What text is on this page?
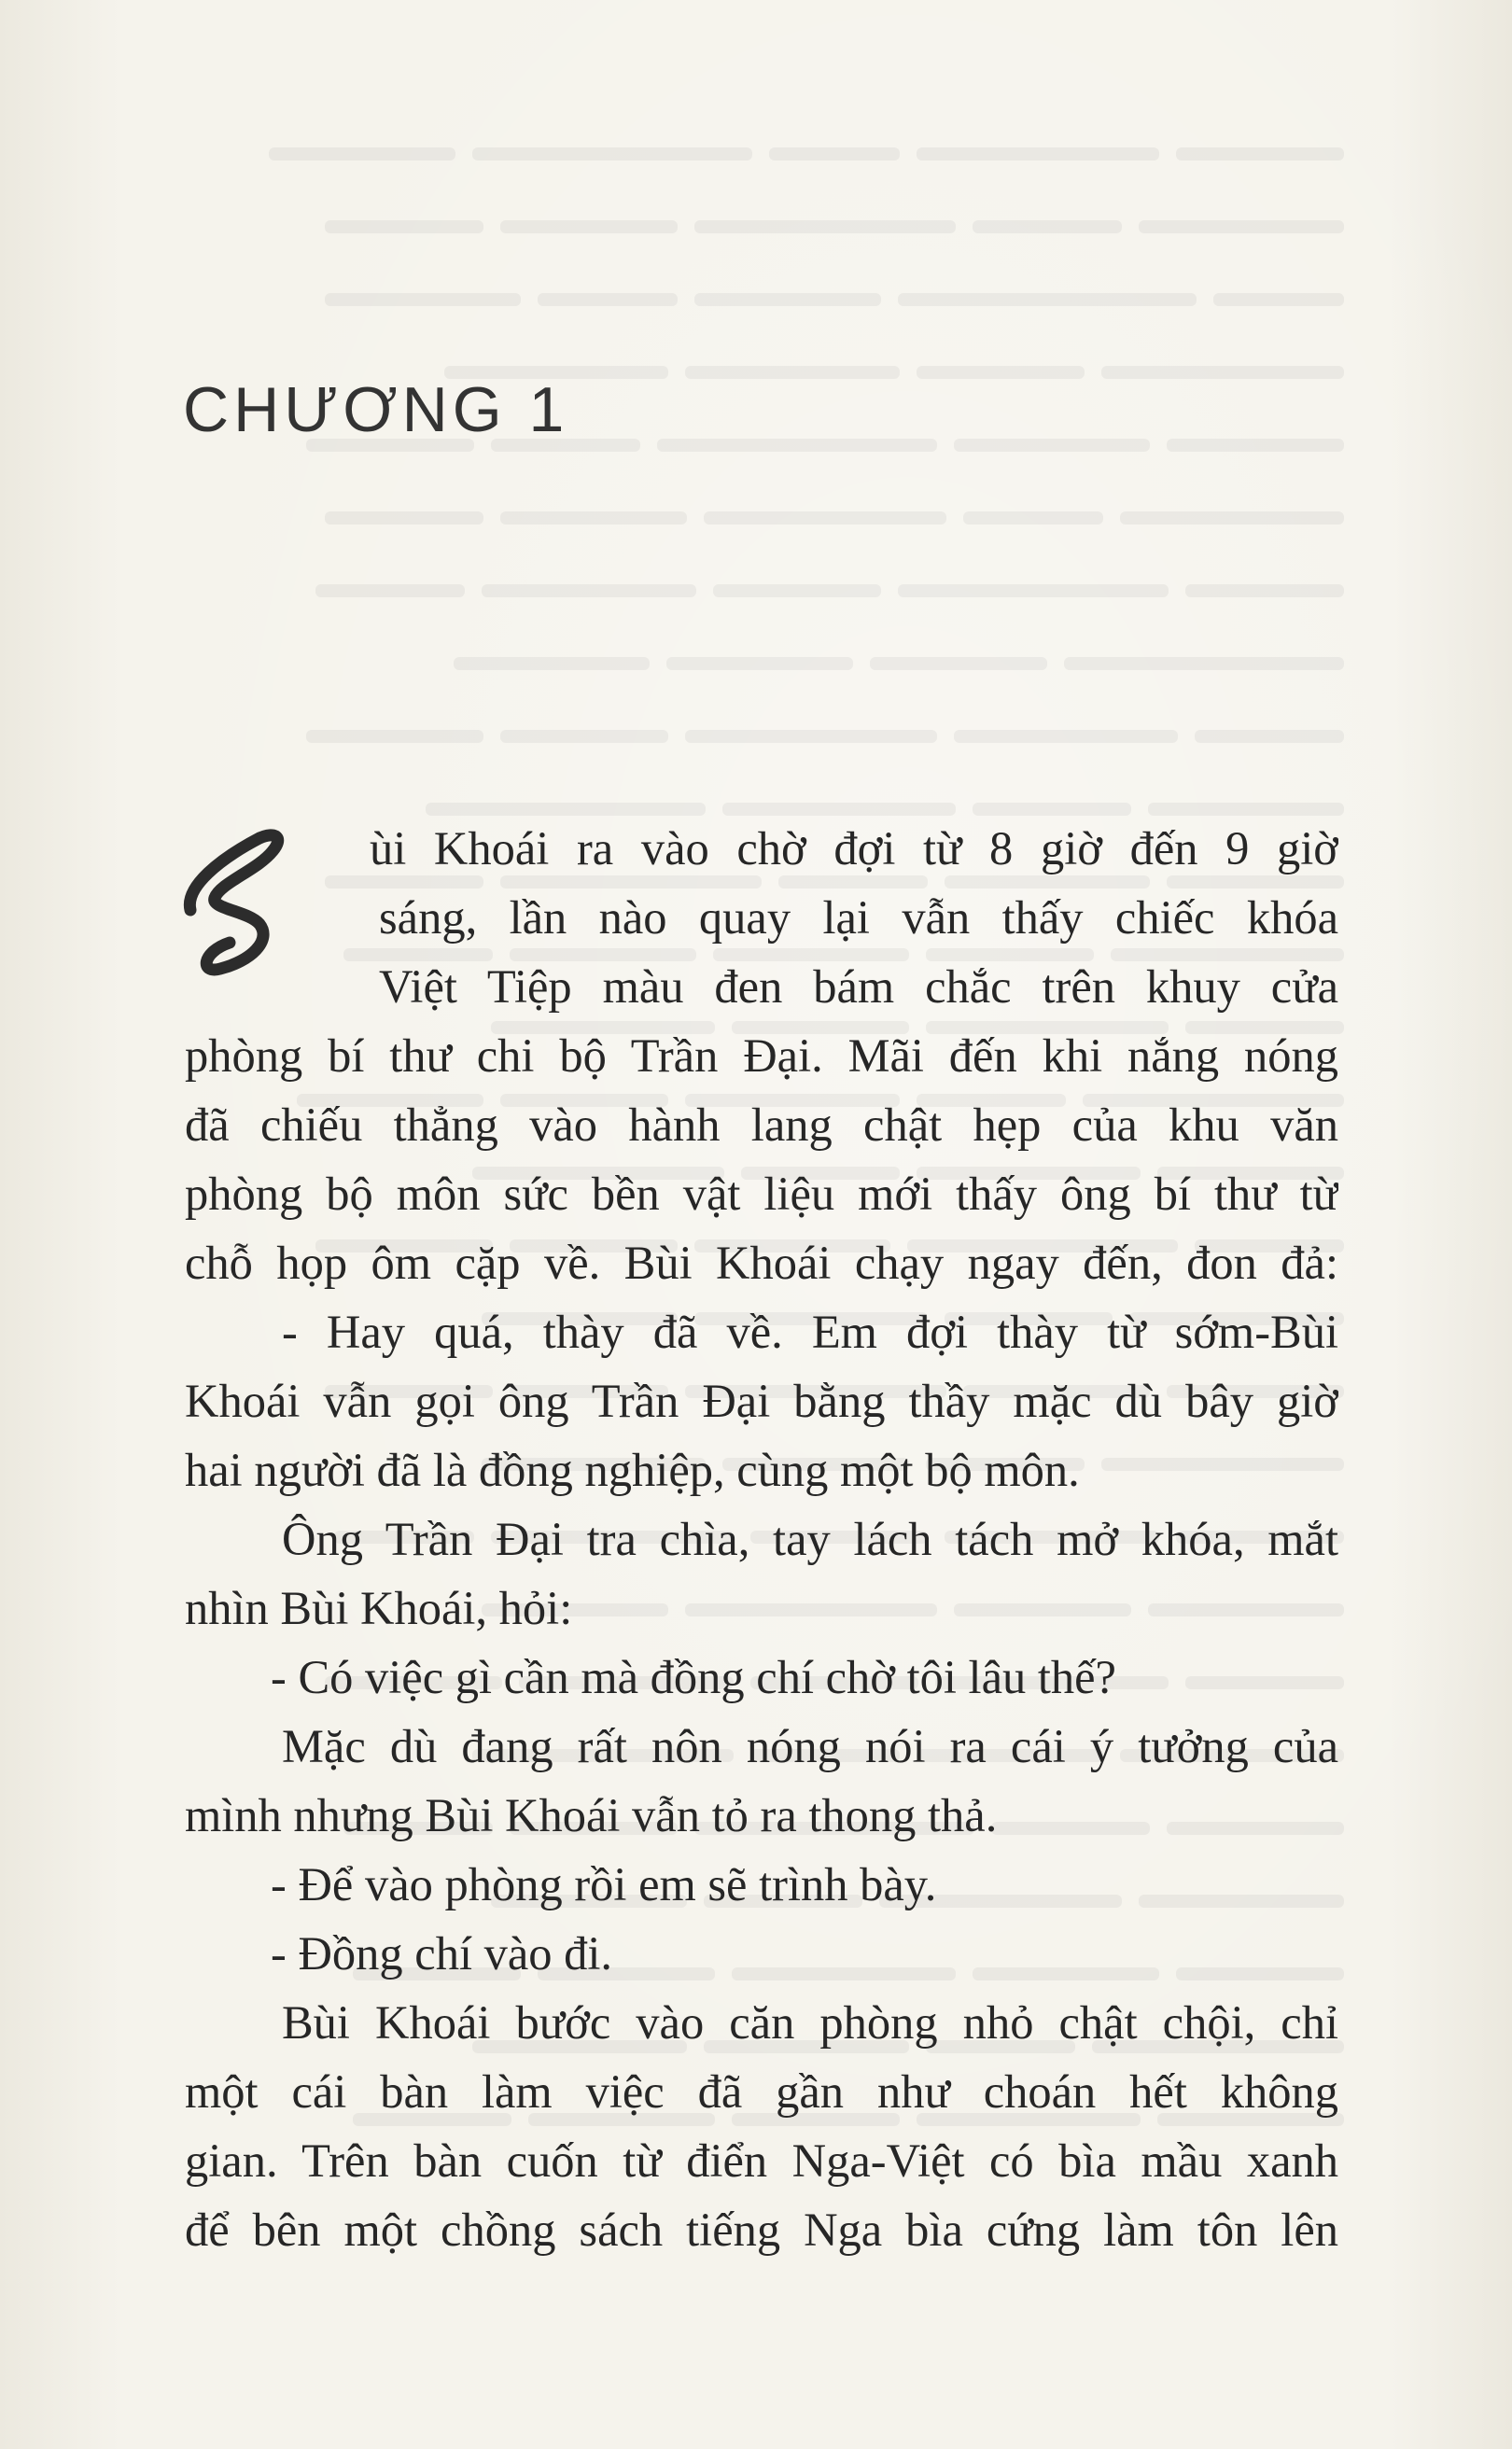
CHƯƠNG 1
ùi Khoái ra vào chờ đợi từ 8 giờ đến 9 giờ
sáng, lần nào quay lại vẫn thấy chiếc khóa
Việt Tiệp màu đen bám chắc trên khuy cửa
phòng bí thư chi bộ Trần Đại. Mãi đến khi nắng nóng
đã chiếu thẳng vào hành lang chật hẹp của khu văn
phòng bộ môn sức bền vật liệu mới thấy ông bí thư từ
chỗ họp ôm cặp về. Bùi Khoái chạy ngay đến, đon đả:
- Hay quá, thày đã về. Em đợi thày từ sớm-Bùi
Khoái vẫn gọi ông Trần Đại bằng thầy mặc dù bây giờ
hai người đã là đồng nghiệp, cùng một bộ môn.
Ông Trần Đại tra chìa, tay lách tách mở khóa, mắt
nhìn Bùi Khoái, hỏi:
- Có việc gì cần mà đồng chí chờ tôi lâu thế?
Mặc dù đang rất nôn nóng nói ra cái ý tưởng của
mình nhưng Bùi Khoái vẫn tỏ ra thong thả.
- Để vào phòng rồi em sẽ trình bày.
- Đồng chí vào đi.
Bùi Khoái bước vào căn phòng nhỏ chật chội, chỉ
một cái bàn làm việc đã gần như choán hết không
gian. Trên bàn cuốn từ điển Nga-Việt có bìa mầu xanh
để bên một chồng sách tiếng Nga bìa cứng làm tôn lên
